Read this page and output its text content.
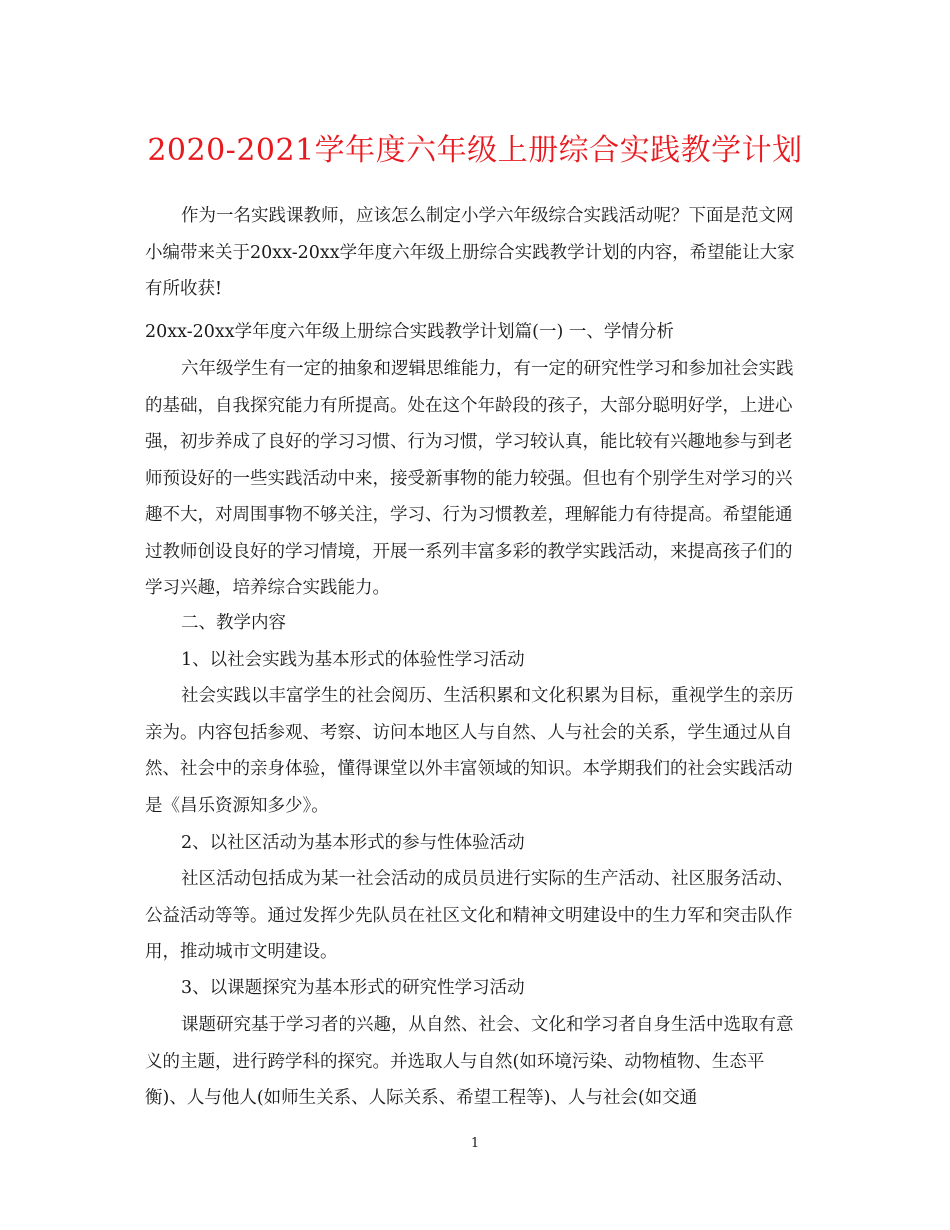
2020-2021学年度六年级上册综合实践教学计划

作为一名实践课教师，应该怎么制定小学六年级综合实践活动呢？下面是范文网小编带来关于20xx-20xx学年度六年级上册综合实践教学计划的内容，希望能让大家有所收获!

20xx-20xx学年度六年级上册综合实践教学计划篇(一) 一、学情分析

六年级学生有一定的抽象和逻辑思维能力，有一定的研究性学习和参加社会实践的基础，自我探究能力有所提高。处在这个年龄段的孩子，大部分聪明好学，上进心强，初步养成了良好的学习习惯、行为习惯，学习较认真，能比较有兴趣地参与到老师预设好的一些实践活动中来，接受新事物的能力较强。但也有个别学生对学习的兴趣不大，对周围事物不够关注，学习、行为习惯教差，理解能力有待提高。希望能通过教师创设良好的学习情境，开展一系列丰富多彩的教学实践活动，来提高孩子们的学习兴趣，培养综合实践能力。

二、教学内容

1、以社会实践为基本形式的体验性学习活动

社会实践以丰富学生的社会阅历、生活积累和文化积累为目标，重视学生的亲历亲为。内容包括参观、考察、访问本地区人与自然、人与社会的关系，学生通过从自然、社会中的亲身体验，懂得课堂以外丰富领域的知识。本学期我们的社会实践活动是《昌乐资源知多少》。

2、以社区活动为基本形式的参与性体验活动

社区活动包括成为某一社会活动的成员员进行实际的生产活动、社区服务活动、公益活动等等。通过发挥少先队员在社区文化和精神文明建设中的生力军和突击队作用，推动城市文明建设。

3、以课题探究为基本形式的研究性学习活动

课题研究基于学习者的兴趣，从自然、社会、文化和学习者自身生活中选取有意义的主题，进行跨学科的探究。并选取人与自然(如环境污染、动物植物、生态平衡)、人与他人(如师生关系、人际关系、希望工程等)、人与社会(如交通

1
